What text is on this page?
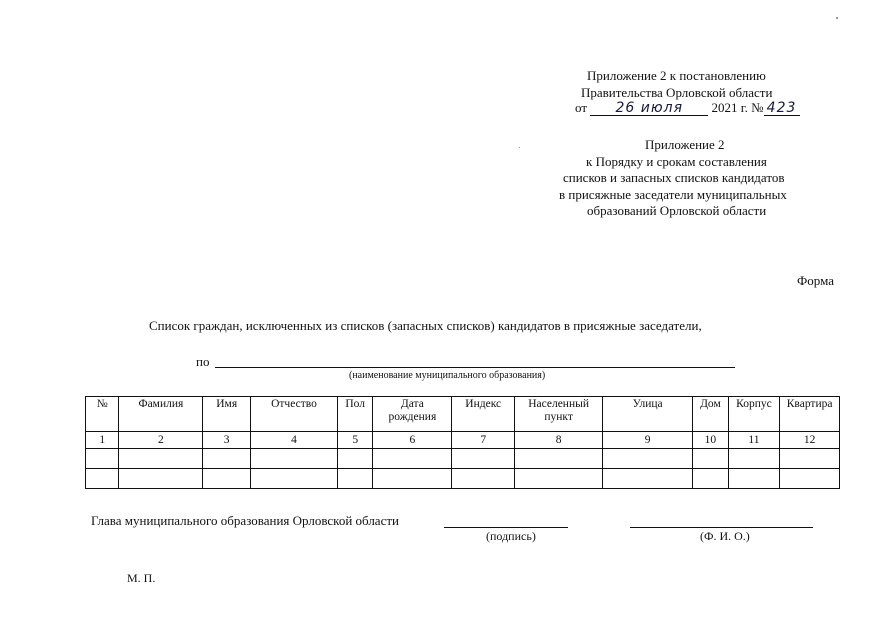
Приложение 2 к постановлению
Правительства Орловской области
от 26 июля 2021 г. № 423
Приложение 2
к Порядку и срокам составления
списков и запасных списков кандидатов
в присяжные заседатели муниципальных
образований Орловской области
Форма
Список граждан, исключенных из списков (запасных списков) кандидатов в присяжные заседатели,
по
(наименование муниципального образования)
№	Фамилия	Имя	Отчество	Пол	Дата рождения	Индекс	Населенный пункт	Улица	Дом	Корпус	Квартира
1	2	3	4	5	6	7	8	9	10	11	12

Глава муниципального образования Орловской области
(подпись)	(Ф. И. О.)
М. П.
